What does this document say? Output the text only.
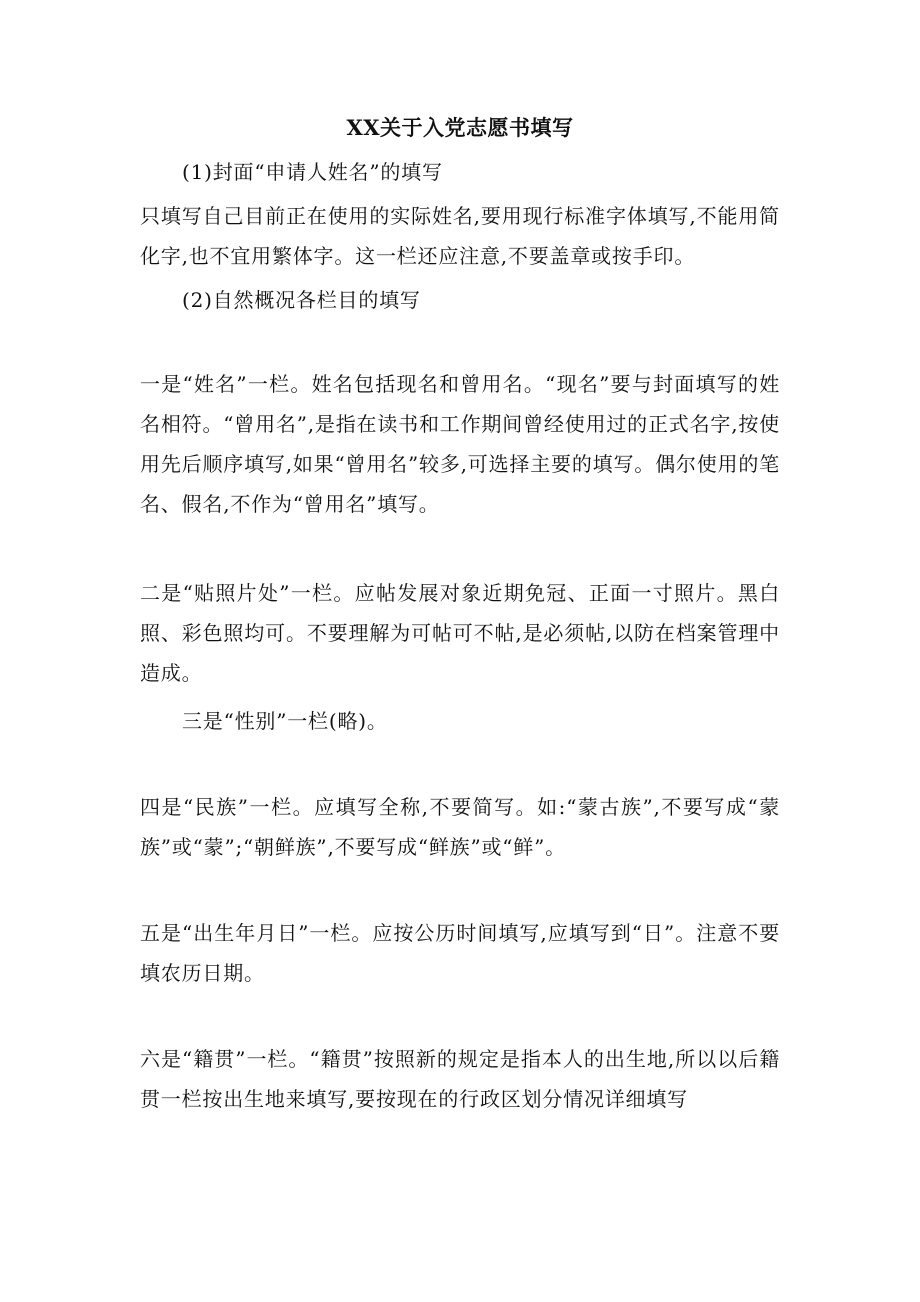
XX关于入党志愿书填写

(1)封面“申请人姓名”的填写

只填写自己目前正在使用的实际姓名,要用现行标准字体填写,不能用简化字,也不宜用繁体字。这一栏还应注意,不要盖章或按手印。

(2)自然概况各栏目的填写

一是“姓名”一栏。姓名包括现名和曾用名。“现名”要与封面填写的姓名相符。“曾用名”,是指在读书和工作期间曾经使用过的正式名字,按使用先后顺序填写,如果“曾用名”较多,可选择主要的填写。偶尔使用的笔名、假名,不作为“曾用名”填写。

二是“贴照片处”一栏。应帖发展对象近期免冠、正面一寸照片。黑白照、彩色照均可。不要理解为可帖可不帖,是必须帖,以防在档案管理中造成。

三是“性别”一栏(略)。

四是“民族”一栏。应填写全称,不要简写。如:“蒙古族”,不要写成“蒙族”或“蒙”;“朝鲜族”,不要写成“鲜族”或“鲜”。

五是“出生年月日”一栏。应按公历时间填写,应填写到“日”。注意不要填农历日期。

六是“籍贯”一栏。“籍贯”按照新的规定是指本人的出生地,所以以后籍贯一栏按出生地来填写,要按现在的行政区划分情况详细填写
